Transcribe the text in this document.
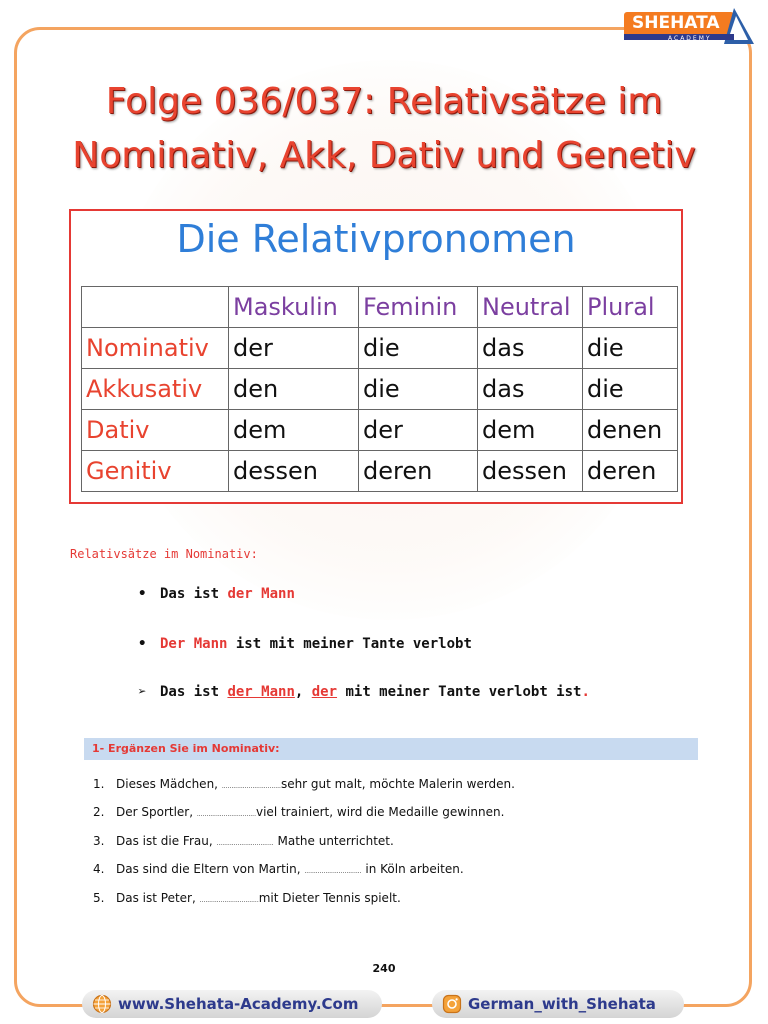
SHEHATA
ACADEMY
Folge 036/037: Relativsätze im
Nominativ, Akk, Dativ und Genetiv
Die Relativpronomen
	Maskulin	Feminin	Neutral	Plural
Nominativ	der	die	das	die
Akkusativ	den	die	das	die
Dativ	dem	der	dem	denen
Genitiv	dessen	deren	dessen	deren
Relativsätze im Nominativ:
• Das ist der Mann
• Der Mann ist mit meiner Tante verlobt
➢ Das ist der Mann, der mit meiner Tante verlobt ist.
1- Ergänzen Sie im Nominativ:
1. Dieses Mädchen, ...............................sehr gut malt, möchte Malerin werden.
2. Der Sportler, ...............................viel trainiert, wird die Medaille gewinnen.
3. Das ist die Frau, .............................. Mathe unterrichtet.
4. Das sind die Eltern von Martin, .............................. in Köln arbeiten.
5. Das ist Peter, ...............................mit Dieter Tennis spielt.
240
www.Shehata-Academy.Com	German_with_Shehata
